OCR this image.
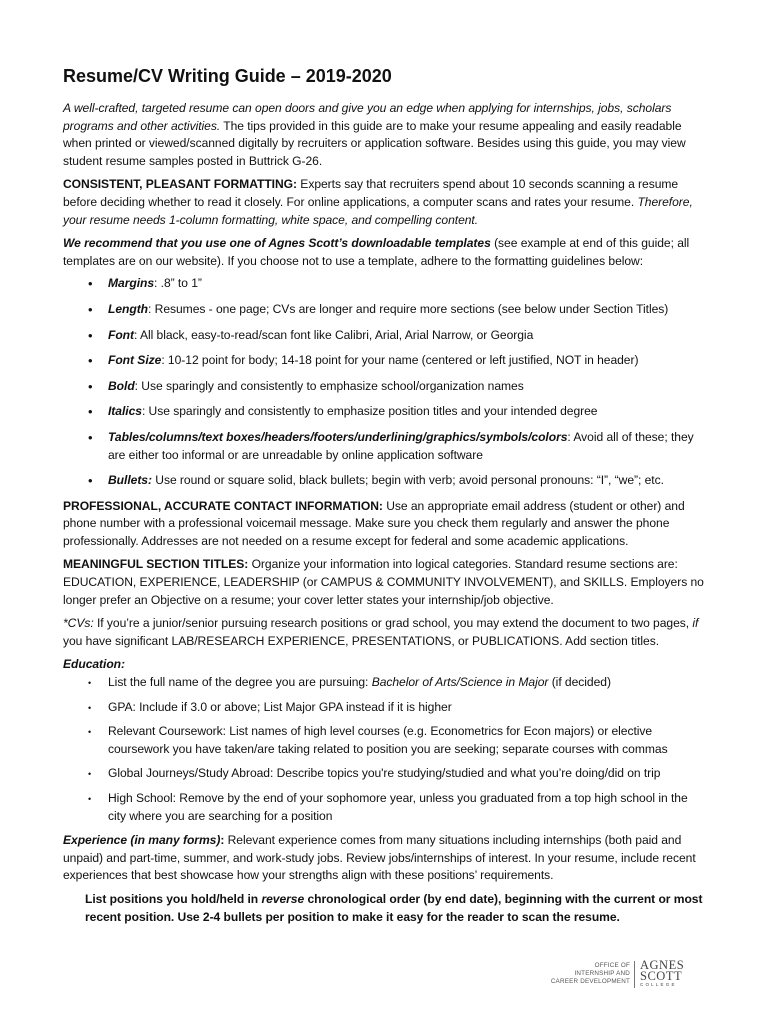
Resume/CV Writing Guide – 2019-2020

A well-crafted, targeted resume can open doors and give you an edge when applying for internships, jobs, scholars programs and other activities. The tips provided in this guide are to make your resume appealing and easily readable when printed or viewed/scanned digitally by recruiters or application software. Besides using this guide, you may view student resume samples posted in Buttrick G-26.

CONSISTENT, PLEASANT FORMATTING: Experts say that recruiters spend about 10 seconds scanning a resume before deciding whether to read it closely. For online applications, a computer scans and rates your resume. Therefore, your resume needs 1-column formatting, white space, and compelling content.

We recommend that you use one of Agnes Scott’s downloadable templates (see example at end of this guide; all templates are on our website). If you choose not to use a template, adhere to the formatting guidelines below:

• Margins: .8” to 1”
• Length: Resumes - one page; CVs are longer and require more sections (see below under Section Titles)
• Font: All black, easy-to-read/scan font like Calibri, Arial, Arial Narrow, or Georgia
• Font Size: 10-12 point for body; 14-18 point for your name (centered or left justified, NOT in header)
• Bold: Use sparingly and consistently to emphasize school/organization names
• Italics: Use sparingly and consistently to emphasize position titles and your intended degree
• Tables/columns/text boxes/headers/footers/underlining/graphics/symbols/colors: Avoid all of these; they are either too informal or are unreadable by online application software
• Bullets: Use round or square solid, black bullets; begin with verb; avoid personal pronouns: “I”, “we”; etc.

PROFESSIONAL, ACCURATE CONTACT INFORMATION: Use an appropriate email address (student or other) and phone number with a professional voicemail message. Make sure you check them regularly and answer the phone professionally. Addresses are not needed on a resume except for federal and some academic applications.

MEANINGFUL SECTION TITLES: Organize your information into logical categories. Standard resume sections are: EDUCATION, EXPERIENCE, LEADERSHIP (or CAMPUS & COMMUNITY INVOLVEMENT), and SKILLS. Employers no longer prefer an Objective on a resume; your cover letter states your internship/job objective.

*CVs: If you’re a junior/senior pursuing research positions or grad school, you may extend the document to two pages, if you have significant LAB/RESEARCH EXPERIENCE, PRESENTATIONS, or PUBLICATIONS. Add section titles.

Education:

• List the full name of the degree you are pursuing: Bachelor of Arts/Science in Major (if decided)
• GPA: Include if 3.0 or above; List Major GPA instead if it is higher
• Relevant Coursework: List names of high level courses (e.g. Econometrics for Econ majors) or elective coursework you have taken/are taking related to position you are seeking; separate courses with commas
• Global Journeys/Study Abroad: Describe topics you're studying/studied and what you’re doing/did on trip
• High School: Remove by the end of your sophomore year, unless you graduated from a top high school in the city where you are searching for a position

Experience (in many forms): Relevant experience comes from many situations including internships (both paid and unpaid) and part-time, summer, and work-study jobs. Review jobs/internships of interest. In your resume, include recent experiences that best showcase how your strengths align with these positions’ requirements.

List positions you hold/held in reverse chronological order (by end date), beginning with the current or most recent position. Use 2-4 bullets per position to make it easy for the reader to scan the resume.

OFFICE OF
INTERNSHIP AND
CAREER DEVELOPMENT
AGNES
SCOTT
COLLEGE
